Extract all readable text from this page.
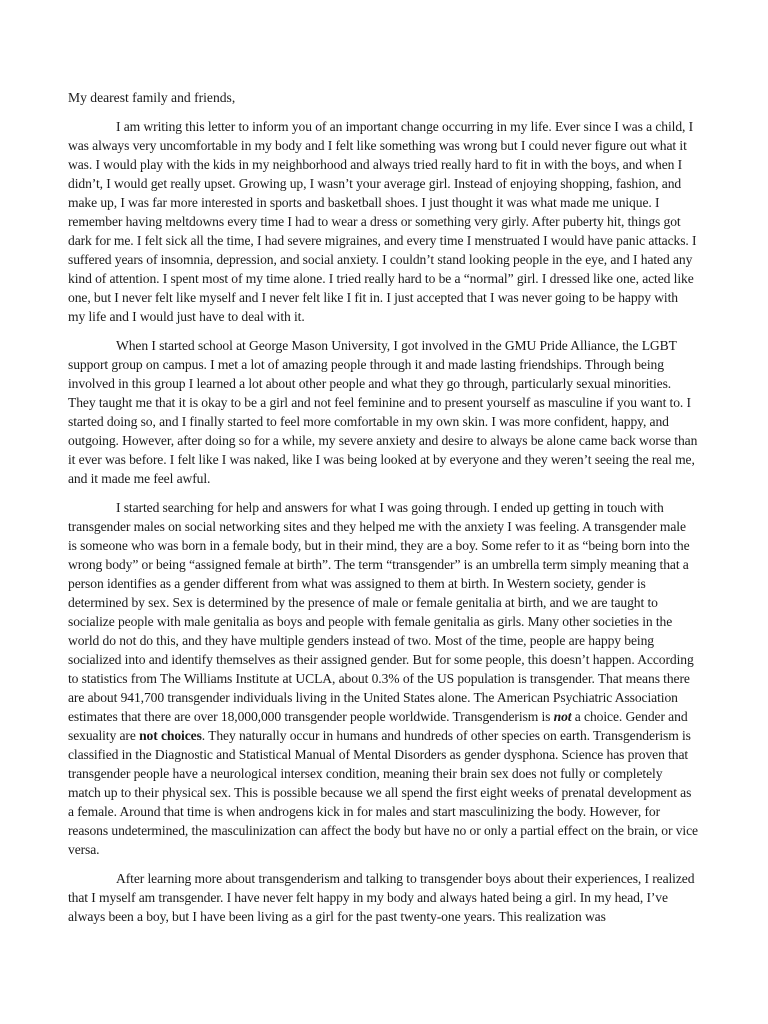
My dearest family and friends,

I am writing this letter to inform you of an important change occurring in my life. Ever since I was a child, I was always very uncomfortable in my body and I felt like something was wrong but I could never figure out what it was. I would play with the kids in my neighborhood and always tried really hard to fit in with the boys, and when I didn’t, I would get really upset. Growing up, I wasn’t your average girl. Instead of enjoying shopping, fashion, and make up, I was far more interested in sports and basketball shoes. I just thought it was what made me unique. I remember having meltdowns every time I had to wear a dress or something very girly. After puberty hit, things got dark for me. I felt sick all the time, I had severe migraines, and every time I menstruated I would have panic attacks. I suffered years of insomnia, depression, and social anxiety. I couldn’t stand looking people in the eye, and I hated any kind of attention. I spent most of my time alone. I tried really hard to be a “normal” girl. I dressed like one, acted like one, but I never felt like myself and I never felt like I fit in. I just accepted that I was never going to be happy with my life and I would just have to deal with it.

When I started school at George Mason University, I got involved in the GMU Pride Alliance, the LGBT support group on campus. I met a lot of amazing people through it and made lasting friendships. Through being involved in this group I learned a lot about other people and what they go through, particularly sexual minorities. They taught me that it is okay to be a girl and not feel feminine and to present yourself as masculine if you want to. I started doing so, and I finally started to feel more comfortable in my own skin. I was more confident, happy, and outgoing. However, after doing so for a while, my severe anxiety and desire to always be alone came back worse than it ever was before. I felt like I was naked, like I was being looked at by everyone and they weren’t seeing the real me, and it made me feel awful.

I started searching for help and answers for what I was going through. I ended up getting in touch with transgender males on social networking sites and they helped me with the anxiety I was feeling. A transgender male is someone who was born in a female body, but in their mind, they are a boy. Some refer to it as “being born into the wrong body” or being “assigned female at birth”. The term “transgender” is an umbrella term simply meaning that a person identifies as a gender different from what was assigned to them at birth. In Western society, gender is determined by sex. Sex is determined by the presence of male or female genitalia at birth, and we are taught to socialize people with male genitalia as boys and people with female genitalia as girls. Many other societies in the world do not do this, and they have multiple genders instead of two. Most of the time, people are happy being socialized into and identify themselves as their assigned gender. But for some people, this doesn’t happen. According to statistics from The Williams Institute at UCLA, about 0.3% of the US population is transgender. That means there are about 941,700 transgender individuals living in the United States alone. The American Psychiatric Association estimates that there are over 18,000,000 transgender people worldwide. Transgenderism is not a choice. Gender and sexuality are not choices. They naturally occur in humans and hundreds of other species on earth. Transgenderism is classified in the Diagnostic and Statistical Manual of Mental Disorders as gender dysphona. Science has proven that transgender people have a neurological intersex condition, meaning their brain sex does not fully or completely match up to their physical sex. This is possible because we all spend the first eight weeks of prenatal development as a female. Around that time is when androgens kick in for males and start masculinizing the body. However, for reasons undetermined, the masculinization can affect the body but have no or only a partial effect on the brain, or vice versa.

After learning more about transgenderism and talking to transgender boys about their experiences, I realized that I myself am transgender. I have never felt happy in my body and always hated being a girl. In my head, I’ve always been a boy, but I have been living as a girl for the past twenty-one years. This realization was
